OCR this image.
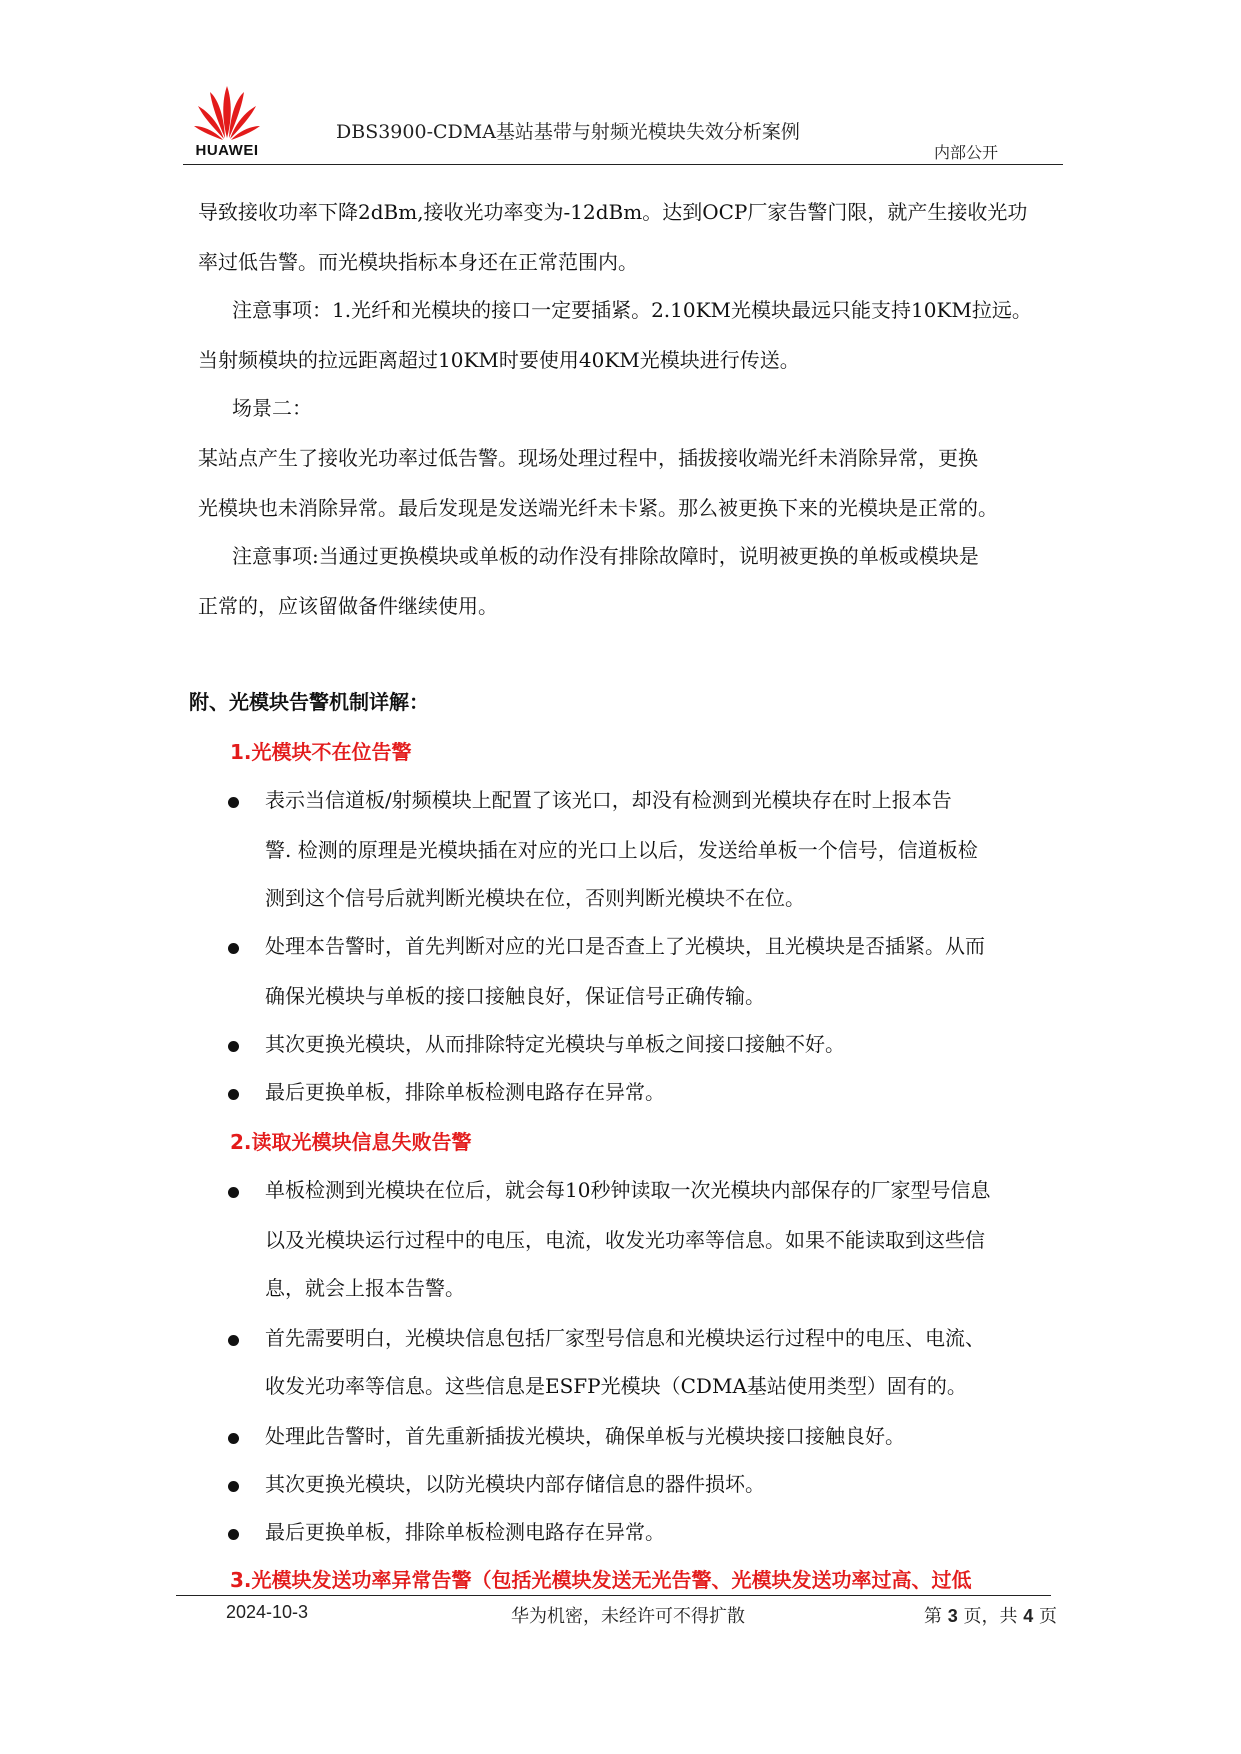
HUAWEI
DBS3900-CDMA基站基带与射频光模块失效分析案例
内部公开
导致接收功率下降2dBm,接收光功率变为-12dBm。达到OCP厂家告警门限，就产生接收光功
率过低告警。而光模块指标本身还在正常范围内。
注意事项：1.光纤和光模块的接口一定要插紧。2.10KM光模块最远只能支持10KM拉远。
当射频模块的拉远距离超过10KM时要使用40KM光模块进行传送。
场景二：
某站点产生了接收光功率过低告警。现场处理过程中，插拔接收端光纤未消除异常，更换
光模块也未消除异常。最后发现是发送端光纤未卡紧。那么被更换下来的光模块是正常的。
注意事项:当通过更换模块或单板的动作没有排除故障时，说明被更换的单板或模块是
正常的，应该留做备件继续使用。
附、光模块告警机制详解：
1.光模块不在位告警
表示当信道板/射频模块上配置了该光口，却没有检测到光模块存在时上报本告
警. 检测的原理是光模块插在对应的光口上以后，发送给单板一个信号，信道板检
测到这个信号后就判断光模块在位，否则判断光模块不在位。
处理本告警时，首先判断对应的光口是否查上了光模块，且光模块是否插紧。从而
确保光模块与单板的接口接触良好，保证信号正确传输。
其次更换光模块，从而排除特定光模块与单板之间接口接触不好。
最后更换单板，排除单板检测电路存在异常。
2.读取光模块信息失败告警
单板检测到光模块在位后，就会每10秒钟读取一次光模块内部保存的厂家型号信息
以及光模块运行过程中的电压，电流，收发光功率等信息。如果不能读取到这些信
息，就会上报本告警。
首先需要明白，光模块信息包括厂家型号信息和光模块运行过程中的电压、电流、
收发光功率等信息。这些信息是ESFP光模块（CDMA基站使用类型）固有的。
处理此告警时，首先重新插拔光模块，确保单板与光模块接口接触良好。
其次更换光模块，以防光模块内部存储信息的器件损坏。
最后更换单板，排除单板检测电路存在异常。
3.光模块发送功率异常告警（包括光模块发送无光告警、光模块发送功率过高、过低
2024-10-3	华为机密，未经许可不得扩散	第 3 页，共 4 页
